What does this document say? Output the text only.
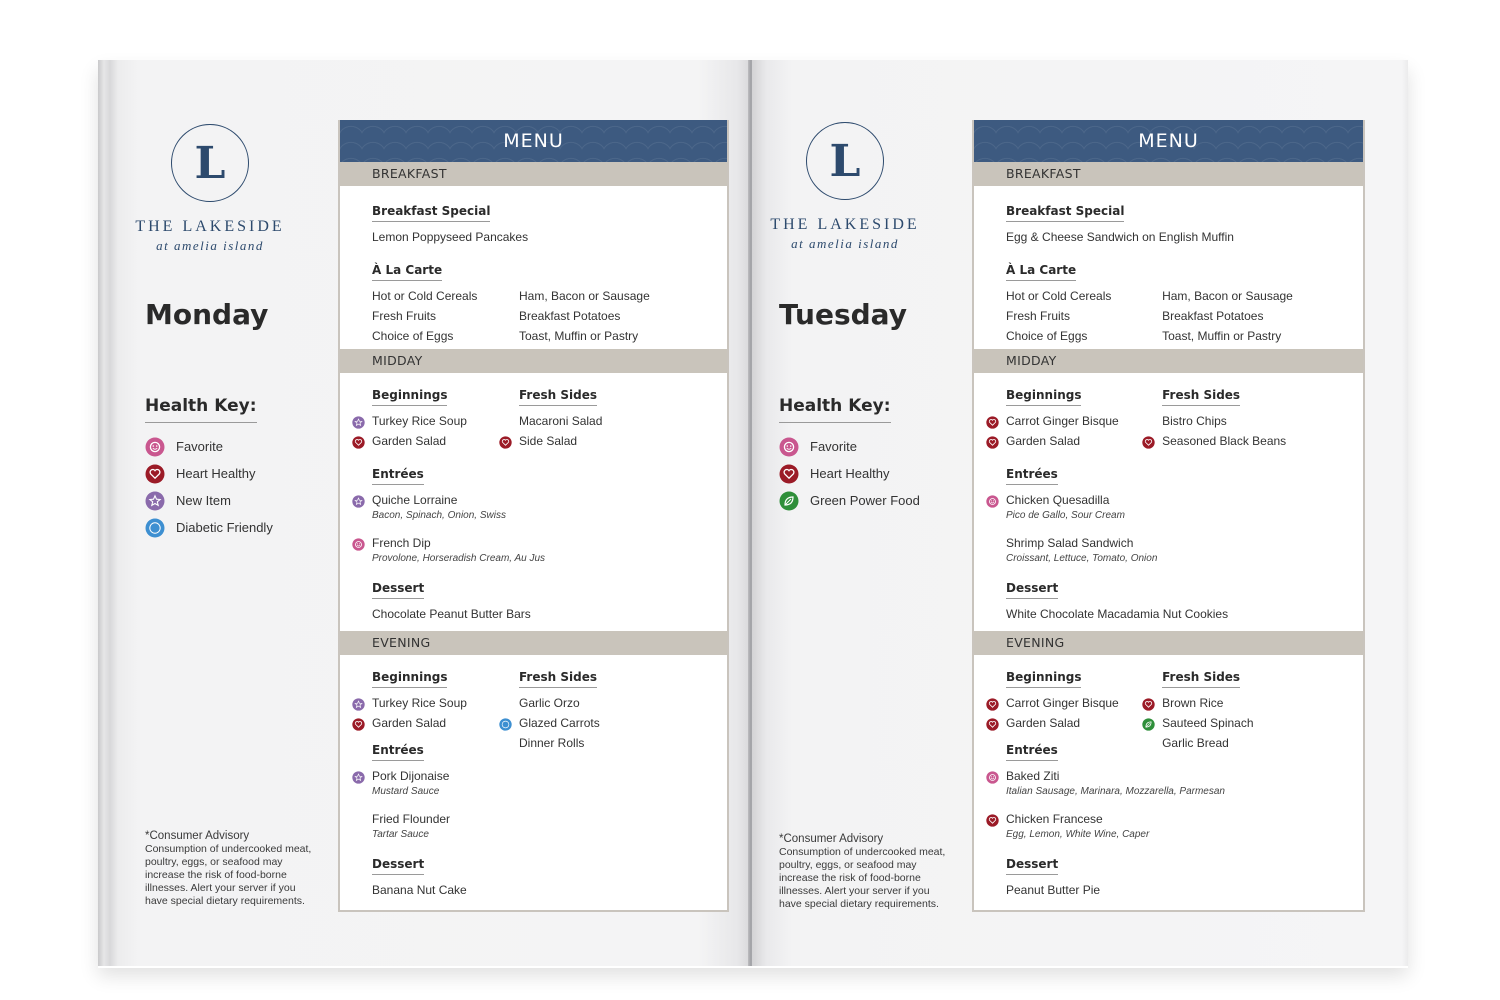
L
THE LAKESIDE
at amelia island
Monday
Health Key:
Favorite
Heart Healthy
New Item
Diabetic Friendly
*Consumer Advisory
Consumption of undercooked meat, poultry, eggs, or seafood may increase the risk of food-borne illnesses. Alert your server if you have special dietary requirements.
MENU
BREAKFAST
Breakfast Special
Lemon Poppyseed Pancakes
À La Carte
Hot or Cold Cereals
Fresh Fruits
Choice of Eggs
Ham, Bacon or Sausage
Breakfast Potatoes
Toast, Muffin or Pastry
MIDDAY
Beginnings
Turkey Rice Soup
Garden Salad
Fresh Sides
Macaroni Salad
Side Salad
Entrées
Quiche Lorraine
Bacon, Spinach, Onion, Swiss
French Dip
Provolone, Horseradish Cream, Au Jus
Dessert
Chocolate Peanut Butter Bars
EVENING
Beginnings
Turkey Rice Soup
Garden Salad
Fresh Sides
Garlic Orzo
Glazed Carrots
Dinner Rolls
Entrées
Pork Dijonaise
Mustard Sauce
Fried Flounder
Tartar Sauce
Dessert
Banana Nut Cake
L
THE LAKESIDE
at amelia island
Tuesday
Health Key:
Favorite
Heart Healthy
Green Power Food
*Consumer Advisory
Consumption of undercooked meat, poultry, eggs, or seafood may increase the risk of food-borne illnesses. Alert your server if you have special dietary requirements.
MENU
BREAKFAST
Breakfast Special
Egg & Cheese Sandwich on English Muffin
À La Carte
Hot or Cold Cereals
Fresh Fruits
Choice of Eggs
Ham, Bacon or Sausage
Breakfast Potatoes
Toast, Muffin or Pastry
MIDDAY
Beginnings
Carrot Ginger Bisque
Garden Salad
Fresh Sides
Bistro Chips
Seasoned Black Beans
Entrées
Chicken Quesadilla
Pico de Gallo, Sour Cream
Shrimp Salad Sandwich
Croissant, Lettuce, Tomato, Onion
Dessert
White Chocolate Macadamia Nut Cookies
EVENING
Beginnings
Carrot Ginger Bisque
Garden Salad
Fresh Sides
Brown Rice
Sauteed Spinach
Garlic Bread
Entrées
Baked Ziti
Italian Sausage, Marinara, Mozzarella, Parmesan
Chicken Francese
Egg, Lemon, White Wine, Caper
Dessert
Peanut Butter Pie
